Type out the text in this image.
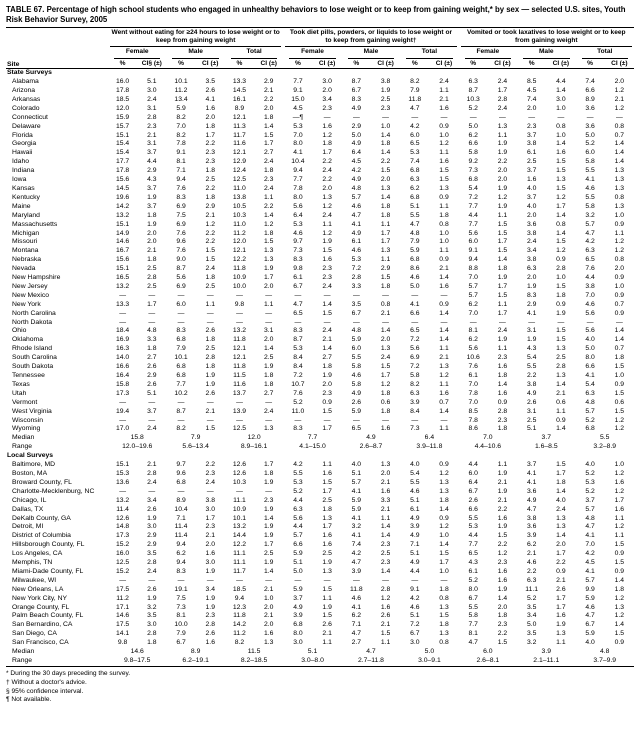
TABLE 67. Percentage of high school students who engaged in unhealthy behaviors to lose weight or to keep from gaining weight,* by sex — selected U.S. sites, Youth Risk Behavior Survey, 2005
Site	Went without eating for ≥24 hours to lose weight or to keep from gaining weight						Took diet pills, powders, or liquids to lose weight or to keep from gaining weight†						Vomited or took laxatives to lose weight or to keep from gaining weight					

	Female		Male		Total		Female		Male		Total		Female		Male		Total	

	%	CI§ (±)	%	CI (±)	%	CI (±)	%	CI (±)	%	CI (±)	%	CI (±)	%	CI (±)	%	CI (±)	%	CI (±)
State Surveys																		
Alabama	16.0	5.1	10.1	3.5	13.3	2.9	7.7	3.0	8.7	3.8	8.2	2.4	6.3	2.4	8.5	4.4	7.4	2.0
Arizona	17.8	3.0	11.2	2.6	14.5	2.1	9.1	2.0	6.7	1.9	7.9	1.1	8.7	1.7	4.5	1.4	6.6	1.2
Arkansas	18.5	2.4	13.4	4.1	16.1	2.2	15.0	3.4	8.3	2.5	11.8	2.1	10.3	2.8	7.4	3.0	8.9	2.1
Colorado	12.0	3.1	5.9	1.6	8.9	2.0	4.5	2.3	4.9	2.3	4.7	1.6	5.2	2.4	2.0	1.0	3.6	1.2
Connecticut	15.9	2.8	8.2	2.0	12.1	1.8	—¶	—	—	—	—	—	—	—	—	—	—	—
Delaware	15.7	2.3	7.0	1.8	11.3	1.4	5.3	1.6	2.9	1.0	4.2	0.9	5.0	1.3	2.3	0.8	3.6	0.8
Florida	15.1	2.1	8.2	1.7	11.7	1.5	7.0	1.2	5.0	1.4	6.0	1.0	6.2	1.1	3.7	1.0	5.0	0.7
Georgia	15.4	3.1	7.8	2.2	11.6	1.7	8.0	1.8	4.9	1.8	6.5	1.2	6.6	1.9	3.8	1.4	5.2	1.4
Hawaii	15.4	3.7	9.1	2.3	12.1	2.7	4.1	1.7	6.4	1.4	5.3	1.1	5.8	1.9	6.1	1.6	6.0	1.4
Idaho	17.7	4.4	8.1	2.3	12.9	2.4	10.4	2.2	4.5	2.2	7.4	1.6	9.2	2.2	2.5	1.5	5.8	1.4
Indiana	17.8	2.9	7.1	1.8	12.4	1.8	9.4	2.4	4.2	1.5	6.8	1.5	7.3	2.0	3.7	1.5	5.5	1.3
Iowa	15.6	4.3	9.4	2.5	12.5	2.3	7.7	2.2	4.9	2.0	6.3	1.5	6.8	2.0	1.6	1.3	4.1	1.3
Kansas	14.5	3.7	7.6	2.2	11.0	2.4	7.8	2.0	4.8	1.3	6.2	1.3	5.4	1.9	4.0	1.5	4.6	1.3
Kentucky	19.6	1.9	8.3	1.8	13.8	1.1	8.0	1.3	5.7	1.4	6.8	0.9	7.2	1.2	3.7	1.2	5.5	0.8
Maine	14.2	3.7	6.9	2.9	10.5	2.2	5.6	1.2	4.6	1.8	5.1	1.1	7.7	1.9	4.0	1.7	5.8	1.3
Maryland	13.2	1.8	7.5	2.1	10.3	1.4	6.4	2.4	4.7	1.8	5.5	1.8	4.4	1.1	2.0	1.4	3.2	1.0
Massachusetts	15.1	1.9	6.9	1.2	11.0	1.2	5.3	1.1	4.1	1.1	4.7	0.8	7.7	1.5	3.6	0.8	5.7	0.9
Michigan	14.9	2.0	7.6	2.2	11.2	1.8	4.6	1.2	4.9	1.7	4.8	1.0	5.6	1.5	3.8	1.4	4.7	1.1
Missouri	14.6	2.0	9.6	2.2	12.0	1.5	9.7	1.9	6.1	1.7	7.9	1.0	6.0	1.7	2.4	1.5	4.2	1.2
Montana	16.7	2.1	7.6	1.5	12.1	1.3	7.3	1.5	4.6	1.3	5.9	1.1	9.1	1.5	3.4	1.2	6.3	1.2
Nebraska	15.6	1.8	9.0	1.5	12.2	1.3	8.3	1.6	5.3	1.1	6.8	0.9	9.4	1.4	3.8	0.9	6.5	0.8
Nevada	15.1	2.5	8.7	2.4	11.8	1.9	9.8	2.3	7.2	2.9	8.6	2.1	8.8	1.8	6.3	2.8	7.6	2.0
New Hampshire	16.5	2.8	5.6	1.8	10.9	1.7	6.1	2.3	2.8	1.5	4.6	1.4	7.0	1.9	2.0	1.0	4.4	0.9
New Jersey	13.2	2.5	6.9	2.5	10.0	2.0	6.7	2.4	3.3	1.8	5.0	1.6	5.7	1.7	1.9	1.5	3.8	1.0
New Mexico	—	—	—	—	—	—	—	—	—	—	—	—	5.7	1.5	8.3	1.8	7.0	0.9
New York	13.3	1.7	6.0	1.1	9.8	1.1	4.7	1.4	3.5	0.8	4.1	0.9	6.2	1.1	2.9	0.9	4.6	0.7
North Carolina	—	—	—	—	—	—	6.5	1.5	6.7	2.1	6.6	1.4	7.0	1.7	4.1	1.9	5.6	0.9
North Dakota	—	—	—	—	—	—	—	—	—	—	—	—	—	—	—	—	—	—
Ohio	18.4	4.8	8.3	2.6	13.2	3.1	8.3	2.4	4.8	1.4	6.5	1.4	8.1	2.4	3.1	1.5	5.6	1.4
Oklahoma	16.9	3.3	6.8	1.8	11.8	2.0	8.7	2.1	5.9	2.0	7.2	1.4	6.2	1.9	1.9	1.5	4.0	1.4
Rhode Island	16.3	1.8	7.9	2.5	12.1	1.4	5.3	1.4	6.0	1.3	5.6	1.1	5.6	1.1	4.3	1.3	5.0	0.7
South Carolina	14.0	2.7	10.1	2.8	12.1	2.5	8.4	2.7	5.5	2.4	6.9	2.1	10.6	2.3	5.4	2.5	8.0	1.8
South Dakota	16.6	2.6	6.8	1.8	11.8	1.9	8.4	1.8	5.8	1.5	7.2	1.3	7.6	1.6	5.5	2.8	6.6	1.5
Tennessee	16.4	2.9	6.8	1.9	11.5	1.8	7.2	1.9	4.6	1.7	5.8	1.2	6.1	1.8	2.2	1.3	4.1	1.0
Texas	15.8	2.6	7.7	1.9	11.6	1.8	10.7	2.0	5.8	1.2	8.2	1.1	7.0	1.4	3.8	1.4	5.4	0.9
Utah	17.3	5.1	10.2	2.6	13.7	2.7	7.6	2.3	4.9	1.8	6.3	1.6	7.8	1.6	4.9	2.1	6.3	1.5
Vermont	—	—	—	—	—	—	5.2	0.9	2.6	0.6	3.9	0.7	7.0	0.9	2.6	0.6	4.8	0.6
West Virginia	19.4	3.7	8.7	2.1	13.9	2.4	11.0	1.5	5.9	1.8	8.4	1.4	8.5	2.8	3.1	1.1	5.7	1.5
Wisconsin	—	—	—	—	—	—	—	—	—	—	—	—	7.8	2.3	2.5	0.9	5.2	1.2
Wyoming	17.0	2.4	8.2	1.5	12.5	1.3	8.3	1.7	6.5	1.6	7.3	1.1	8.6	1.8	5.1	1.4	6.8	1.2
Median	15.8		7.9		12.0		7.7		4.9		6.4		7.0		3.7		5.5	
Range	12.0–19.6		5.6–13.4		8.9–16.1		4.1–15.0		2.6–8.7		3.9–11.8		4.4–10.6		1.6–8.5		3.2–8.9	
Local Surveys																		
Baltimore, MD	15.1	2.1	9.7	2.2	12.6	1.7	4.2	1.1	4.0	1.3	4.0	0.9	4.4	1.1	3.7	1.5	4.0	1.0
Boston, MA	15.3	2.8	9.6	2.3	12.6	1.8	5.5	1.6	5.1	2.0	5.4	1.2	6.0	1.9	4.1	1.7	5.2	1.2
Broward County, FL	13.6	2.4	6.8	2.4	10.3	1.9	5.3	1.5	5.7	2.1	5.5	1.3	6.4	2.1	4.1	1.8	5.3	1.6
Charlotte-Mecklenburg, NC	—	—	—	—	—	—	5.2	1.7	4.1	1.6	4.6	1.3	6.7	1.9	3.6	1.4	5.2	1.2
Chicago, IL	13.2	3.4	8.9	3.8	11.1	2.3	4.4	2.5	5.9	3.3	5.1	1.8	2.6	2.1	4.9	4.0	3.7	1.7
Dallas, TX	11.4	2.6	10.4	3.0	10.9	1.9	6.3	1.8	5.9	2.1	6.1	1.4	6.6	2.2	4.7	2.4	5.7	1.6
DeKalb County, GA	12.6	1.9	7.1	1.7	10.1	1.4	5.6	1.3	4.1	1.1	4.9	0.9	5.5	1.6	3.8	1.3	4.8	1.1
Detroit, MI	14.8	3.0	11.4	2.3	13.2	1.9	4.4	1.7	3.2	1.4	3.9	1.2	5.3	1.9	3.6	1.3	4.7	1.2
District of Columbia	17.3	2.9	11.4	2.1	14.4	1.9	5.7	1.6	4.1	1.4	4.9	1.0	4.4	1.5	3.9	1.4	4.1	1.1
Hillsborough County, FL	15.2	2.9	9.4	2.0	12.2	1.7	6.6	1.6	7.4	2.3	7.1	1.4	7.7	2.2	6.2	2.0	7.0	1.5
Los Angeles, CA	16.0	3.5	6.2	1.6	11.1	2.5	5.9	2.5	4.2	2.5	5.1	1.5	6.5	1.2	2.1	1.7	4.2	0.9
Memphis, TN	12.5	2.8	9.4	3.0	11.1	1.9	5.1	1.9	4.7	2.3	4.9	1.7	4.3	2.3	4.6	2.2	4.5	1.5
Miami-Dade County, FL	15.2	2.4	8.3	1.9	11.7	1.4	5.0	1.3	3.9	1.4	4.4	1.0	6.1	1.6	2.2	0.9	4.1	0.9
Milwaukee, WI	—	—	—	—	—	—	—	—	—	—	—	—	5.2	1.6	6.3	2.1	5.7	1.4
New Orleans, LA	17.5	2.6	19.1	3.4	18.5	2.1	5.9	1.5	11.8	2.8	9.1	1.8	8.0	1.9	11.1	2.6	9.9	1.8
New York City, NY	11.2	1.9	7.5	1.9	9.4	1.0	3.7	1.1	4.6	1.2	4.2	0.8	6.7	1.4	5.2	1.7	5.9	1.2
Orange County, FL	17.1	3.2	7.3	1.9	12.3	2.0	4.9	1.9	4.1	1.6	4.6	1.3	5.5	2.0	3.5	1.7	4.6	1.3
Palm Beach County, FL	14.6	3.5	8.1	2.3	11.8	2.1	3.9	1.5	6.2	2.6	5.1	1.5	5.8	1.8	3.4	1.6	4.7	1.2
San Bernardino, CA	17.5	3.0	10.0	2.8	14.2	2.0	6.8	2.6	7.1	2.1	7.2	1.8	7.7	2.3	5.0	1.9	6.7	1.4
San Diego, CA	14.1	2.8	7.9	2.6	11.2	1.6	8.0	2.1	4.7	1.5	6.7	1.3	8.1	2.2	3.5	1.3	5.9	1.5
San Francisco, CA	9.8	1.8	6.7	1.6	8.2	1.3	3.0	1.1	2.7	1.1	3.0	0.8	4.7	1.5	3.2	1.1	4.0	0.9
Median	14.6		8.9		11.5		5.1		4.7		5.0		6.0		3.9		4.8	
Range	9.8–17.5		6.2–19.1		8.2–18.5		3.0–8.0		2.7–11.8		3.0–9.1		2.6–8.1		2.1–11.1		3.7–9.9	
* During the 30 days preceding the survey.
† Without a doctor's advice.
§ 95% confidence interval.
¶ Not available.
